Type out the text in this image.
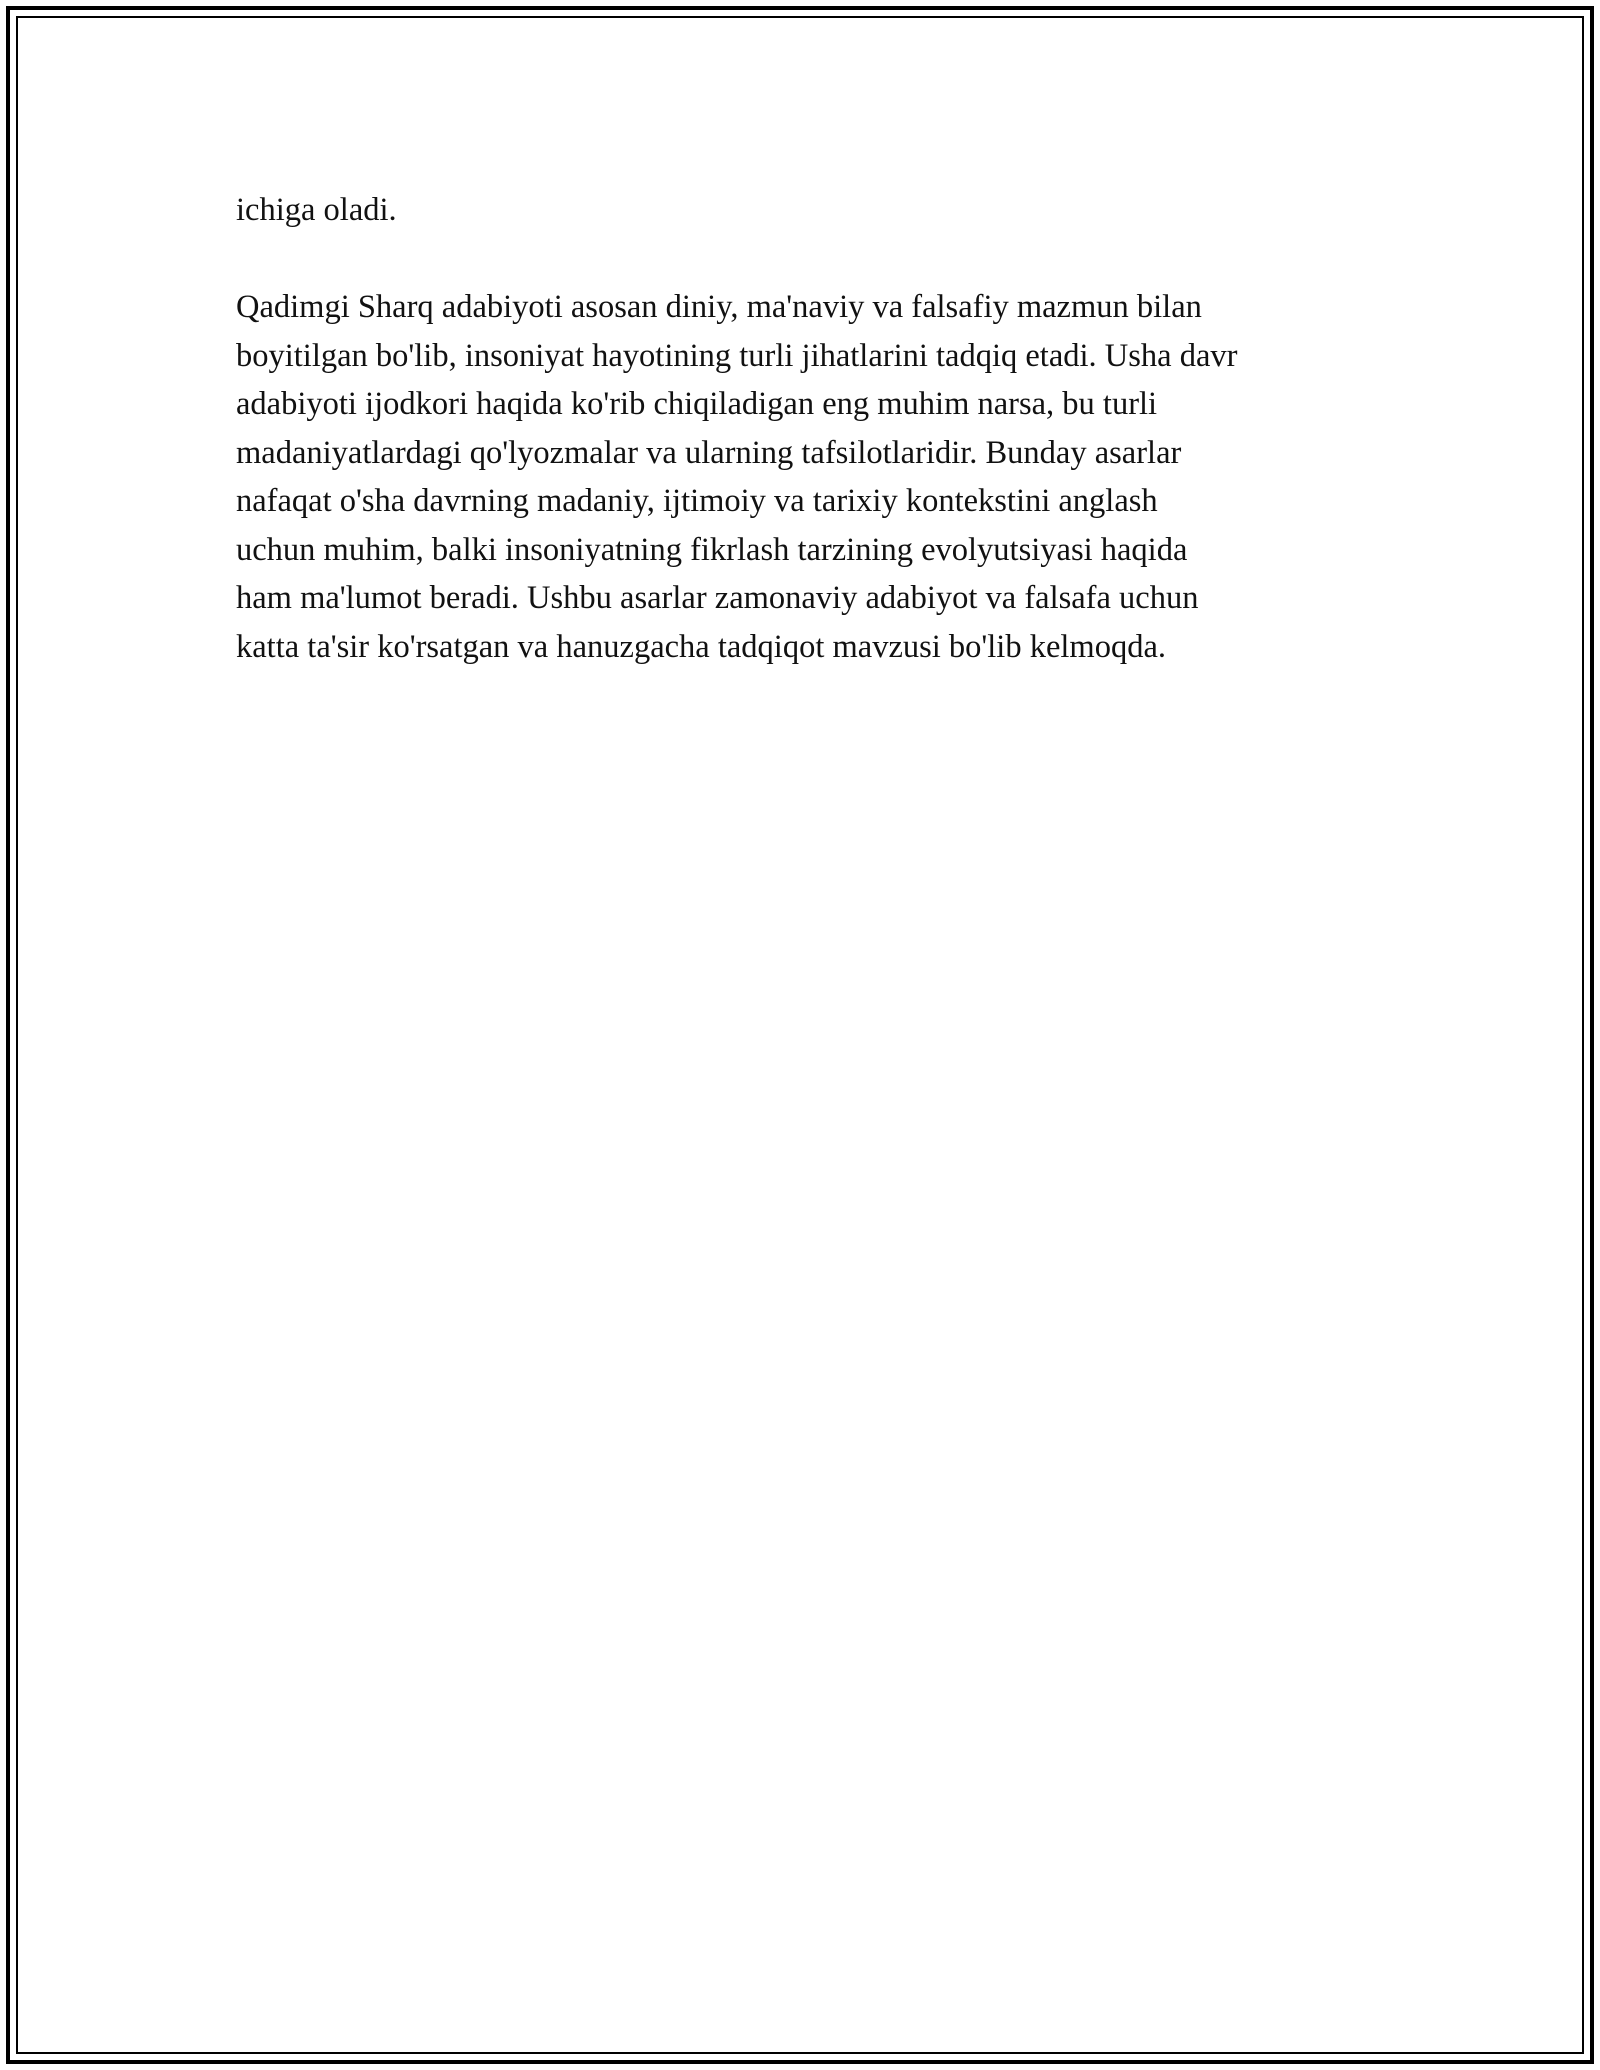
ichiga oladi.

Qadimgi Sharq adabiyoti asosan diniy, ma'naviy va falsafiy mazmun bilan
boyitilgan bo'lib, insoniyat hayotining turli jihatlarini tadqiq etadi. Usha davr
adabiyoti ijodkori haqida ko'rib chiqiladigan eng muhim narsa, bu turli
madaniyatlardagi qo'lyozmalar va ularning tafsilotlaridir. Bunday asarlar
nafaqat o'sha davrning madaniy, ijtimoiy va tarixiy kontekstini anglash
uchun muhim, balki insoniyatning fikrlash tarzining evolyutsiyasi haqida
ham ma'lumot beradi. Ushbu asarlar zamonaviy adabiyot va falsafa uchun
katta ta'sir ko'rsatgan va hanuzgacha tadqiqot mavzusi bo'lib kelmoqda.
